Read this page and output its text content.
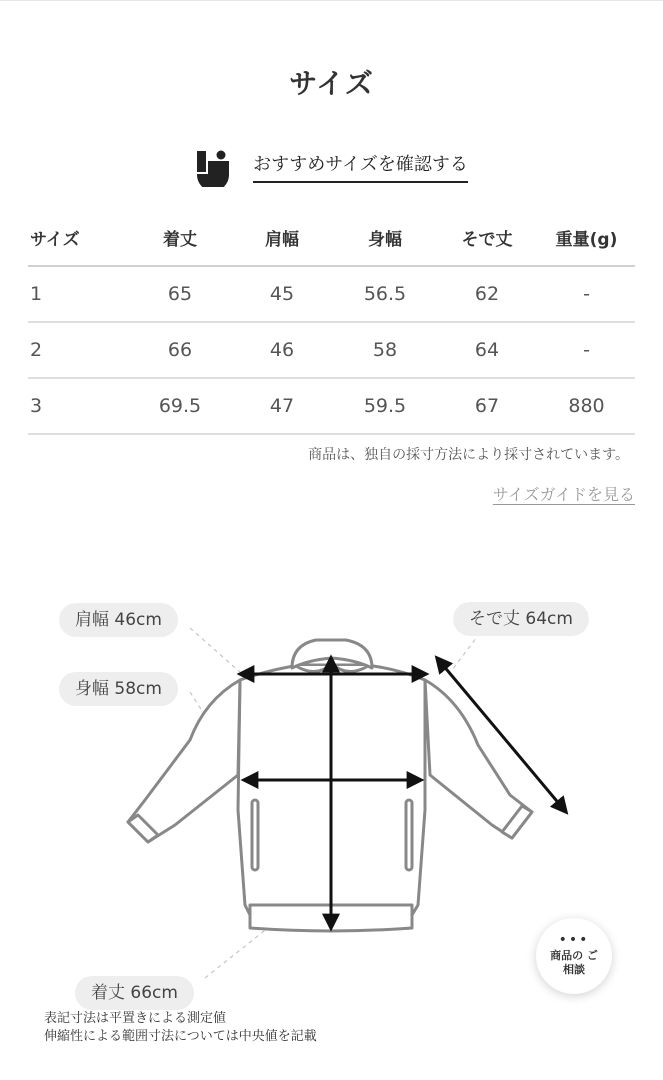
サイズ
おすすめサイズを確認する
サイズ	着丈	肩幅	身幅	そで丈	重量(g)
1	65	45	56.5	62	-
2	66	46	58	64	-
3	69.5	47	59.5	67	880
商品は、独自の採寸方法により採寸されています。
サイズガイドを見る
肩幅 46cm
身幅 58cm
そで丈 64cm
着丈 66cm
表記寸法は平置きによる測定値
伸縮性による範囲寸法については中央値を記載
•••
商品の ご相談
